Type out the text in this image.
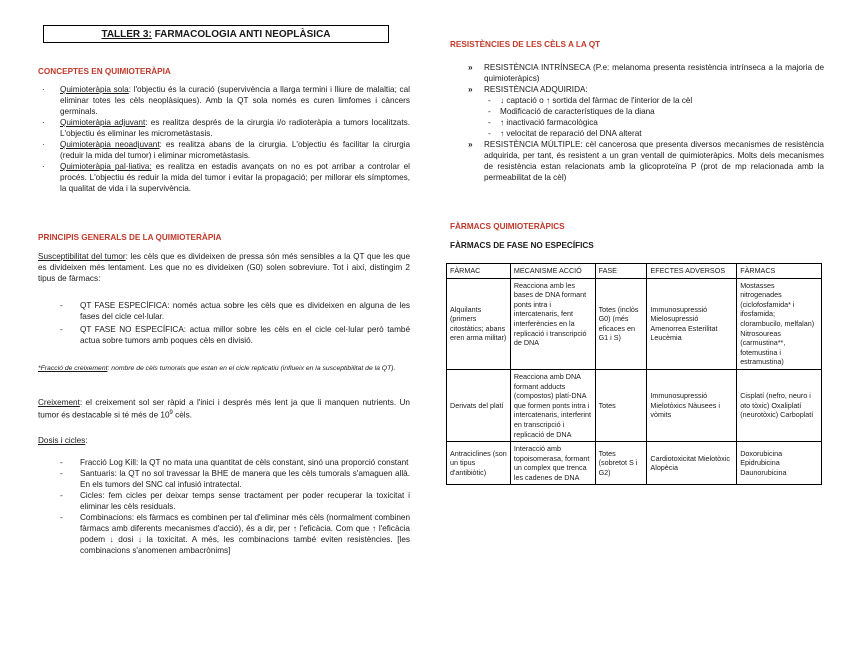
TALLER 3: FARMACOLOGIA ANTI NEOPLÀSICA
CONCEPTES EN QUIMIOTERÀPIA
· Quimioteràpia sola: l'objectiu és la curació (supervivència a llarga termini i lliure de malaltia; cal eliminar totes les cèls neoplàsiques). Amb la QT sola només es curen limfomes i càncers germinals.
· Quimioteràpia adjuvant: es realitza després de la cirurgia i/o radioteràpia a tumors localitzats. L'objectiu és eliminar les micrometàstasis.
· Quimioteràpia neoadjuvant: es realitza abans de la cirurgia. L'objectiu és facilitar la cirurgia (reduir la mida del tumor) i eliminar micrometàstasis.
· Quimioteràpia pal·liativa: es realitza en estadis avançats on no es pot arribar a controlar el procés. L'objectiu és reduir la mida del tumor i evitar la propagació; per millorar els símptomes, la qualitat de vida i la supervivència.
PRINCIPIS GENERALS DE LA QUIMIOTERÀPIA
Susceptibilitat del tumor: les cèls que es divideixen de pressa són més sensibles a la QT que les que es divideixen més lentament. Les que no es divideixen (G0) solen sobreviure. Tot i així, distingim 2 tipus de fàrmacs:
- QT FASE ESPECÍFICA: només actua sobre les cèls que es divideixen en alguna de les fases del cicle cel·lular.
- QT FASE NO ESPECÍFICA: actua millor sobre les cèls en el cicle cel·lular però també actua sobre tumors amb poques cèls en divisió.
*Fracció de creixement: nombre de cèls tumorals que estan en el cicle replicatiu (influeix en la susceptibilitat de la QT).
Creixement: el creixement sol ser ràpid a l'inici i després més lent ja que li manquen nutrients. Un tumor és destacable si té més de $10^9$ cèls.
Dosis i cicles:
- Fracció Log Kill: la QT no mata una quantitat de cèls constant, sinó una proporció constant
- Santuaris: la QT no sol travessar la BHE de manera que les cèls tumorals s'amaguen allà. En els tumors del SNC cal infusió intratectal.
- Cicles: fem cicles per deixar temps sense tractament per poder recuperar la toxicitat i eliminar les cèls residuals.
- Combinacions: els fàrmacs es combinen per tal d'eliminar més cèls (normalment combinen fàrmacs amb diferents mecanismes d'acció), és a dir, per ↑ l'eficàcia. Com que ↑ l'eficàcia podem ↓ dosi ↓ la toxicitat. A més, les combinacions també eviten resistències. [les combinacions s'anomenen ambacrònims]
RESISTÈNCIES DE LES CÈLS A LA QT
» RESISTÈNCIA INTRÍNSECA (P.e: melanoma presenta resistència intrínseca a la majoria de quimioteràpics)
» RESISTÈNCIA ADQUIRIDA:
- ↓ captació o ↑ sortida del fàrmac de l'interior de la cèl
- Modificació de característiques de la diana
- ↑ inactivació farmacològica
- ↑ velocitat de reparació del DNA alterat
» RESISTÈNCIA MÚLTIPLE: cèl cancerosa que presenta diversos mecanismes de resistència adquirida, per tant, és resistent a un gran ventall de quimioteràpics. Molts dels mecanismes de resistència estan relacionats amb la glicoproteïna P (prot de mp relacionada amb la permeabilitat de la cèl)
FÀRMACS QUIMIOTERÀPICS
FÀRMACS DE FASE NO ESPECÍFICS
FÀRMAC	MECANISME ACCIÓ	FASE	EFECTES ADVERSOS	FÀRMACS
Alquilants (primers citostàtics; abans eren arma militar)	Reacciona amb les bases de DNA formant ponts intra i intercatenaris, fent interferències en la replicació i transcripció de DNA	Totes (inclòs G0) (més eficaces en G1 i S)	Immunosupressió Mielosupressió Amenorrea Esterilitat Leucèmia	Mostasses nitrogenades (ciclofosfamida* i ifosfamida; clorambucilo, melfalan) Nitrosoureas (carmustina**, fotemustina i estramustina)
Derivats del platí	Reacciona amb DNA formant adducts (compostos) platí-DNA que formen ponts intra i intercatenaris, interferint en transcripció i replicació de DNA	Totes	Immunosupressió Mielotòxics Nàusees i vòmits	Cisplatí (nefro, neuro i oto tòxic) Oxaliplatí (neurotòxic) Carboplatí
Antraciclines (son un tipus d'antibiòtic)	Interacció amb topoisomerasa, formant un complex que trenca les cadenes de DNA	Totes (sobretot S i G2)	Cardiotoxicitat Mielotòxic Alopècia	Doxorubicina Epidrubicina Daunorubicina
